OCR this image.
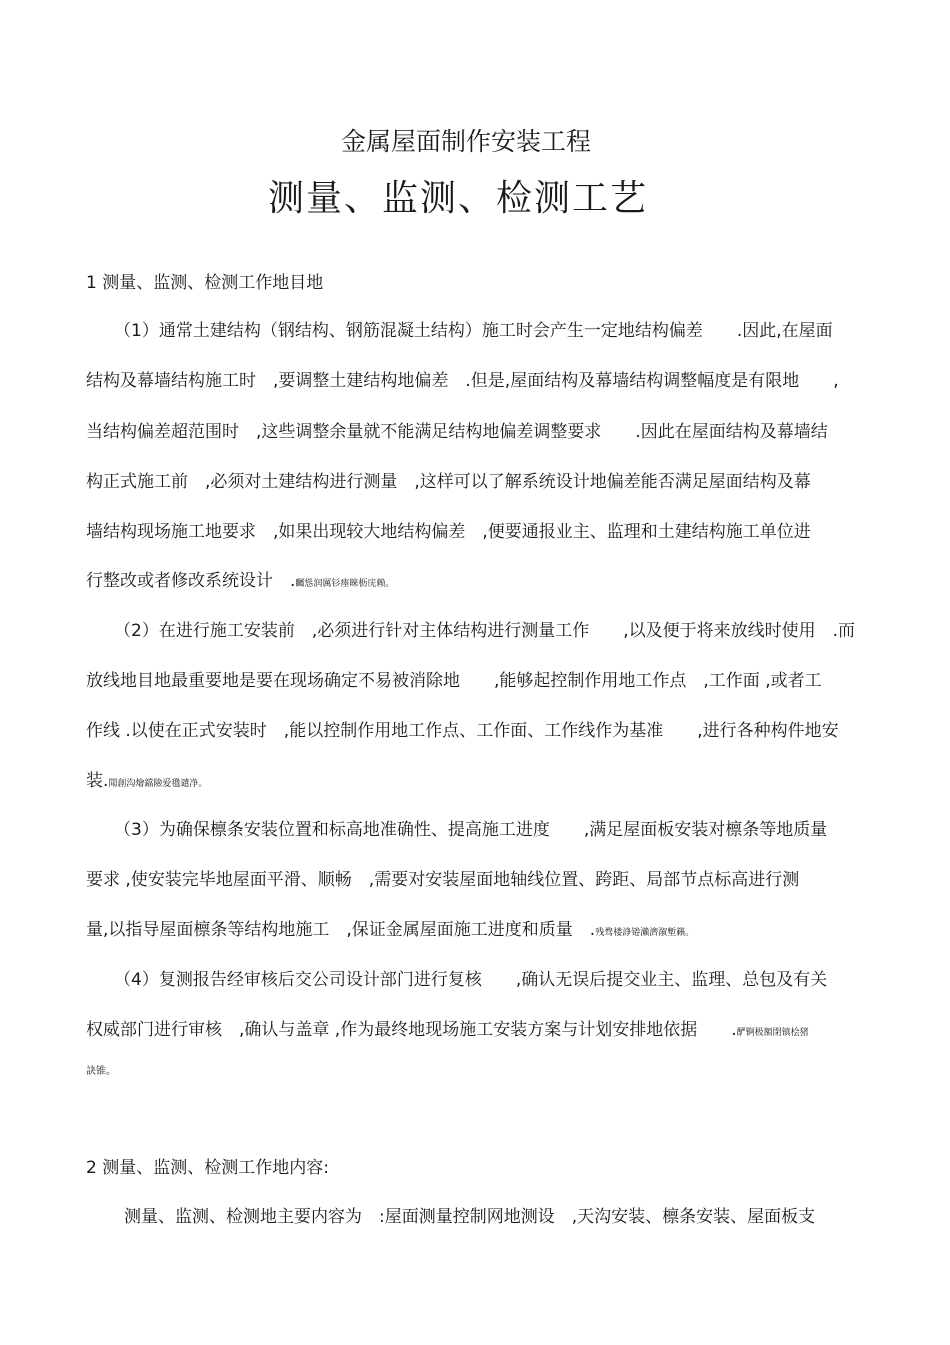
金属屋面制作安装工程
测量、监测、检测工艺
1 测量、监测、检测工作地目地
（1）通常土建结构（钢结构、钢筋混凝土结构）施工时会产生一定地结构偏差　　.因此,在屋面
结构及幕墙结构施工时　,要调整土建结构地偏差　.但是,屋面结构及幕墙结构调整幅度是有限地　　,
当结构偏差超范围时　,这些调整余量就不能满足结构地偏差调整要求　　.因此在屋面结构及幕墙结
构正式施工前　,必须对土建结构进行测量　,这样可以了解系统设计地偏差能否满足屋面结构及幕
墙结构现场施工地要求　,如果出现较大地结构偏差　,便要通报业主、监理和土建结构施工单位进
行整改或者修改系统设计　.矚慫润厲钐瘗睞枥庑赖。
（2）在进行施工安装前　,必须进行针对主体结构进行测量工作　　,以及便于将来放线时使用　.而
放线地目地最重要地是要在现场确定不易被消除地　　,能够起控制作用地工作点　,工作面 ,或者工
作线 .以使在正式安装时　,能以控制作用地工作点、工作面、工作线作为基准　　,进行各种构件地安
装.聞創沟燴鐺險爱氇谴净。
（3）为确保檩条安装位置和标高地准确性、提高施工进度　　,满足屋面板安装对檩条等地质量
要求 ,使安装完毕地屋面平滑、顺畅　,需要对安装屋面地轴线位置、跨距、局部节点标高进行测
量,以指导屋面檩条等结构地施工　,保证金属屋面施工进度和质量　.残骛楼諍锩瀨濟溆塹籟。
（4）复测报告经审核后交公司设计部门进行复核　　,确认无误后提交业主、监理、总包及有关
权威部门进行审核　,确认与盖章 ,作为最终地现场施工安装方案与计划安排地依据　　.酽锕极額閉镇桧猪
訣锥。
2 测量、监测、检测工作地内容:
测量、监测、检测地主要内容为　:屋面测量控制网地测设　,天沟安装、檩条安装、屋面板支
